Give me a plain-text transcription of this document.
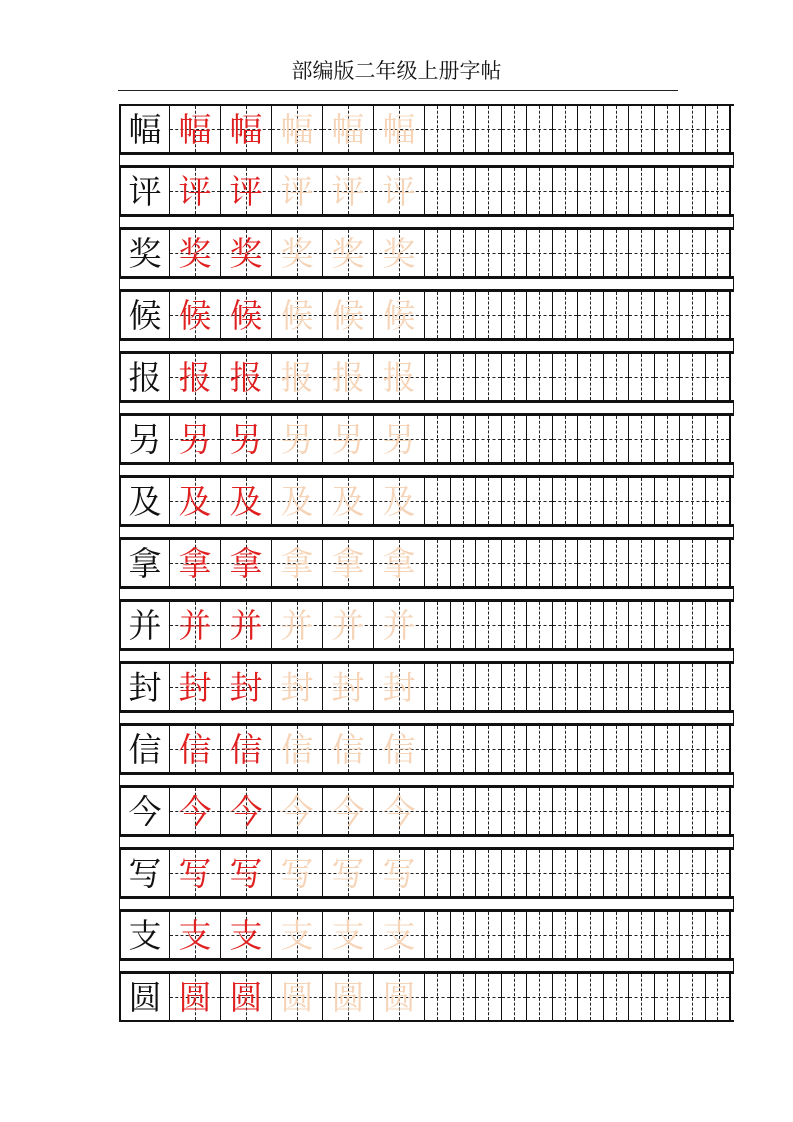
部编版二年级上册字帖
幅 幅 幅 幅 幅 幅
评 评 评 评 评 评
奖 奖 奖 奖 奖 奖
候 候 候 候 候 候
报 报 报 报 报 报
另 另 另 另 另 另
及 及 及 及 及 及
拿 拿 拿 拿 拿 拿
并 并 并 并 并 并
封 封 封 封 封 封
信 信 信 信 信 信
今 今 今 今 今 今
写 写 写 写 写 写
支 支 支 支 支 支
圆 圆 圆 圆 圆 圆
